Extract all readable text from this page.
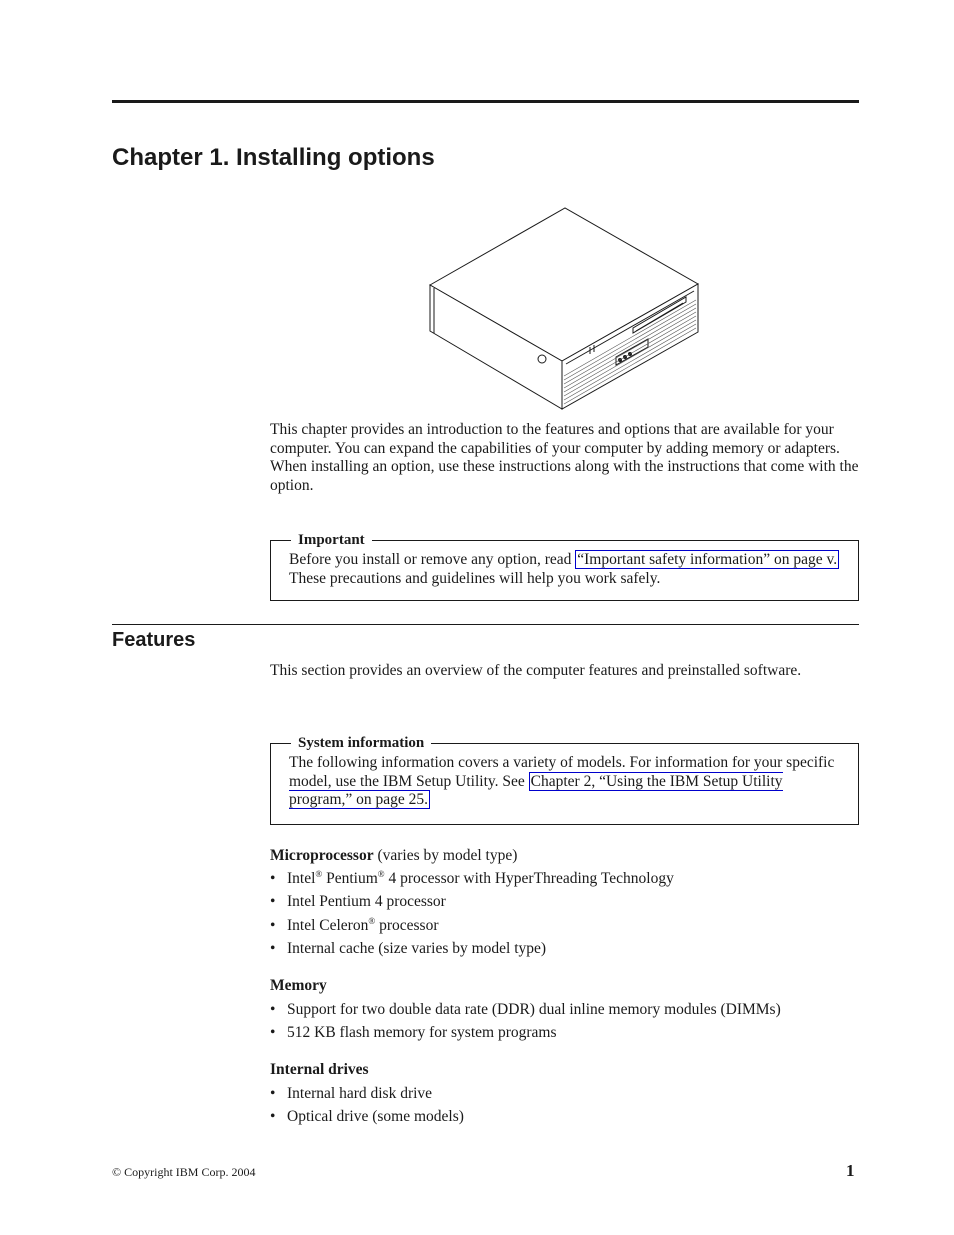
Chapter 1. Installing options

This chapter provides an introduction to the features and options that are available for your computer. You can expand the capabilities of your computer by adding memory or adapters. When installing an option, use these instructions along with the instructions that come with the option.

Important

Before you install or remove any option, read “Important safety information” on page v. These precautions and guidelines will help you work safely.

Features

This section provides an overview of the computer features and preinstalled software.

System information

The following information covers a variety of models. For information for your specific model, use the IBM Setup Utility. See Chapter 2, “Using the IBM Setup Utility program,” on page 25.

Microprocessor (varies by model type)

• Intel® Pentium® 4 processor with HyperThreading Technology
• Intel Pentium 4 processor
• Intel Celeron® processor
• Internal cache (size varies by model type)

Memory

• Support for two double data rate (DDR) dual inline memory modules (DIMMs)
• 512 KB flash memory for system programs

Internal drives

• Internal hard disk drive
• Optical drive (some models)
© Copyright IBM Corp. 2004	1
